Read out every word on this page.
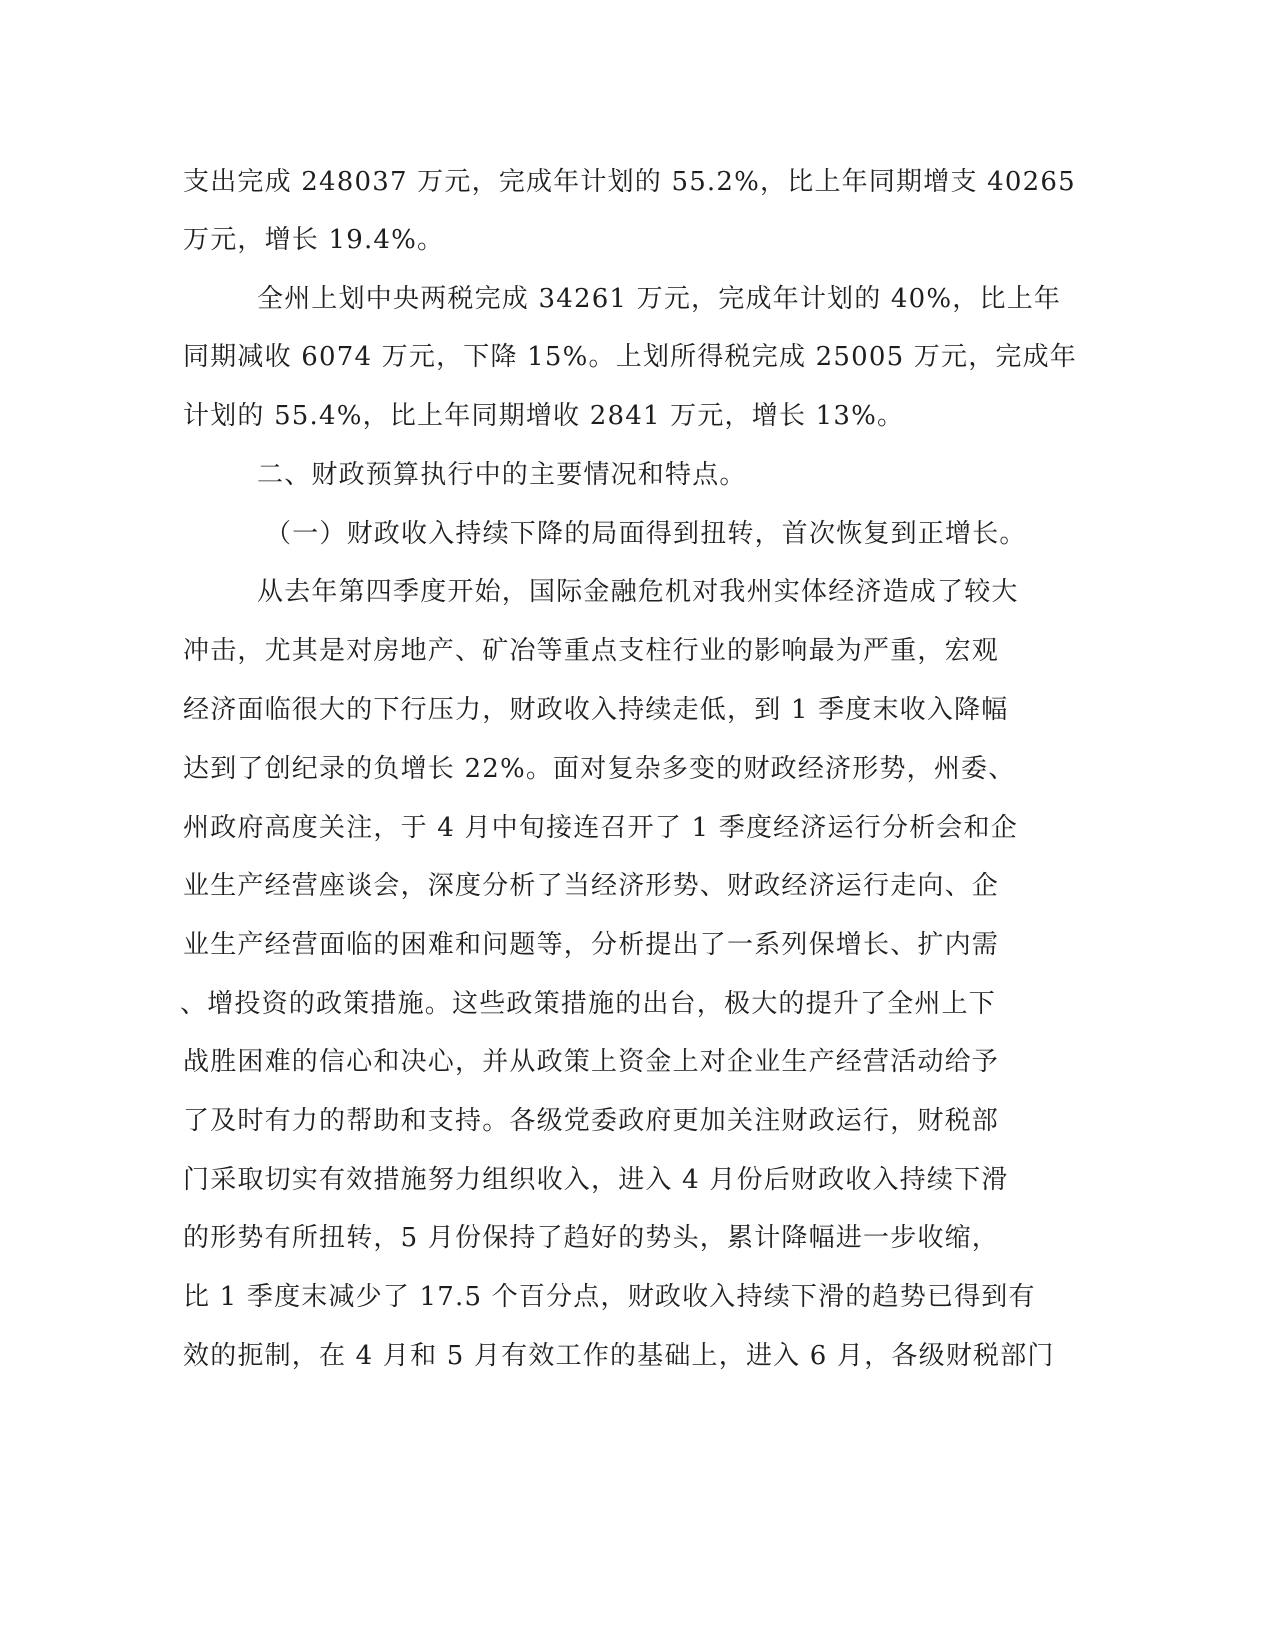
支出完成 248037 万元，完成年计划的 55.2%，比上年同期增支 40265
万元，增长 19.4%。
全州上划中央两税完成 34261 万元，完成年计划的 40%，比上年
同期减收 6074 万元，下降 15%。上划所得税完成 25005 万元，完成年
计划的 55.4%，比上年同期增收 2841 万元，增长 13%。
二、财政预算执行中的主要情况和特点。
（一）财政收入持续下降的局面得到扭转，首次恢复到正增长。
从去年第四季度开始，国际金融危机对我州实体经济造成了较大
冲击，尤其是对房地产、矿冶等重点支柱行业的影响最为严重，宏观
经济面临很大的下行压力，财政收入持续走低，到 1 季度末收入降幅
达到了创纪录的负增长 22%。面对复杂多变的财政经济形势，州委、
州政府高度关注，于 4 月中旬接连召开了 1 季度经济运行分析会和企
业生产经营座谈会，深度分析了当经济形势、财政经济运行走向、企
业生产经营面临的困难和问题等，分析提出了一系列保增长、扩内需
、增投资的政策措施。这些政策措施的出台，极大的提升了全州上下
战胜困难的信心和决心，并从政策上资金上对企业生产经营活动给予
了及时有力的帮助和支持。各级党委政府更加关注财政运行，财税部
门采取切实有效措施努力组织收入，进入 4 月份后财政收入持续下滑
的形势有所扭转，5 月份保持了趋好的势头，累计降幅进一步收缩，
比 1 季度末减少了 17.5 个百分点，财政收入持续下滑的趋势已得到有
效的扼制，在 4 月和 5 月有效工作的基础上，进入 6 月，各级财税部门
